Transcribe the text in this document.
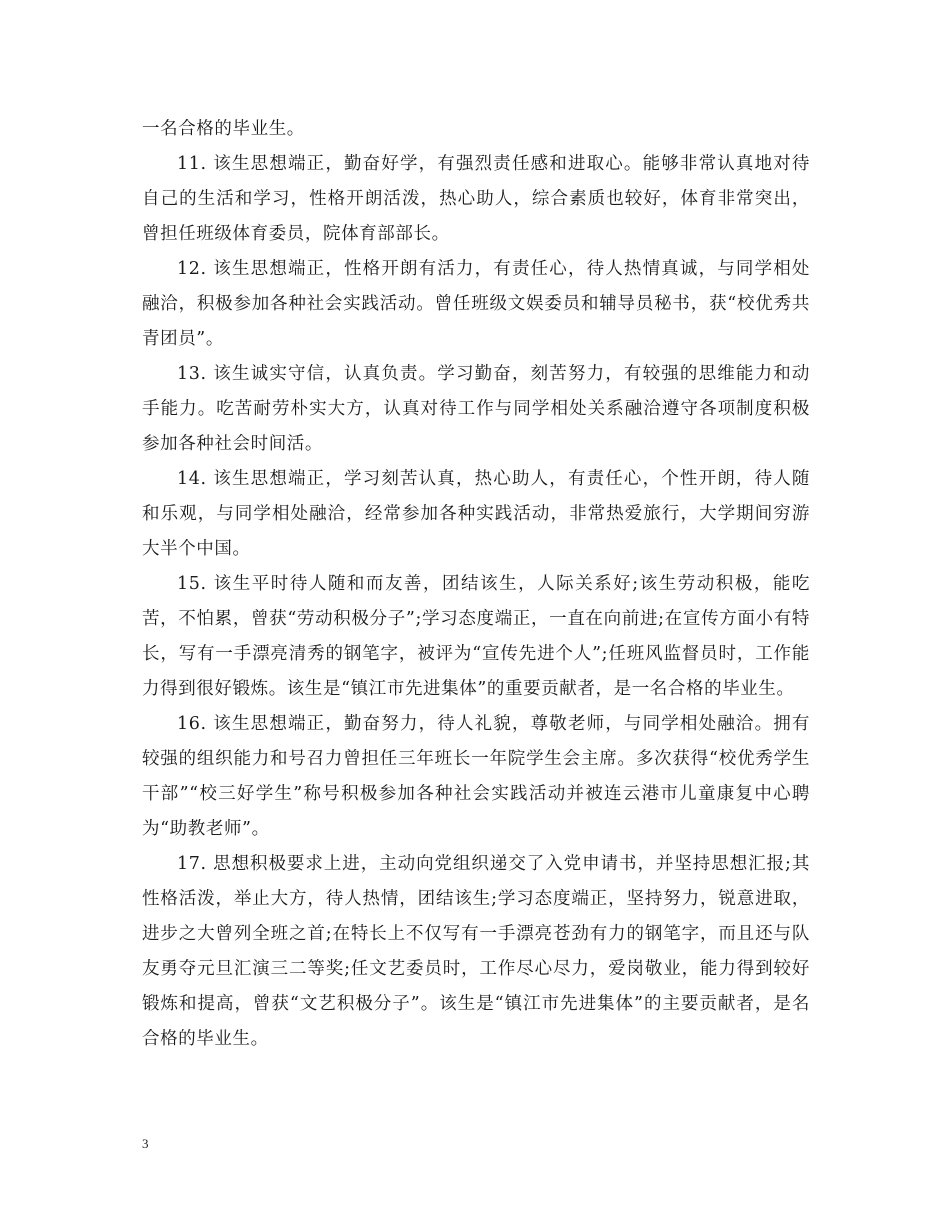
一名合格的毕业生。

11. 该生思想端正，勤奋好学，有强烈责任感和进取心。能够非常认真地对待自己的生活和学习，性格开朗活泼，热心助人，综合素质也较好，体育非常突出，曾担任班级体育委员，院体育部部长。

12. 该生思想端正，性格开朗有活力，有责任心，待人热情真诚，与同学相处融洽，积极参加各种社会实践活动。曾任班级文娱委员和辅导员秘书，获“校优秀共青团员”。

13. 该生诚实守信，认真负责。学习勤奋，刻苦努力，有较强的思维能力和动手能力。吃苦耐劳朴实大方，认真对待工作与同学相处关系融洽遵守各项制度积极参加各种社会时间活。

14. 该生思想端正，学习刻苦认真，热心助人，有责任心，个性开朗，待人随和乐观，与同学相处融洽，经常参加各种实践活动，非常热爱旅行，大学期间穷游大半个中国。

15. 该生平时待人随和而友善，团结该生，人际关系好;该生劳动积极，能吃苦，不怕累，曾获“劳动积极分子”;学习态度端正，一直在向前进;在宣传方面小有特长，写有一手漂亮清秀的钢笔字，被评为“宣传先进个人”;任班风监督员时，工作能力得到很好锻炼。该生是“镇江市先进集体”的重要贡献者，是一名合格的毕业生。

16. 该生思想端正，勤奋努力，待人礼貌，尊敬老师，与同学相处融洽。拥有较强的组织能力和号召力曾担任三年班长一年院学生会主席。多次获得“校优秀学生干部”“校三好学生”称号积极参加各种社会实践活动并被连云港市儿童康复中心聘为“助教老师”。

17. 思想积极要求上进，主动向党组织递交了入党申请书，并坚持思想汇报;其性格活泼，举止大方，待人热情，团结该生;学习态度端正，坚持努力，锐意进取，进步之大曾列全班之首;在特长上不仅写有一手漂亮苍劲有力的钢笔字，而且还与队友勇夺元旦汇演三二等奖;任文艺委员时，工作尽心尽力，爱岗敬业，能力得到较好锻炼和提高，曾获“文艺积极分子”。该生是“镇江市先进集体”的主要贡献者，是名合格的毕业生。

3
